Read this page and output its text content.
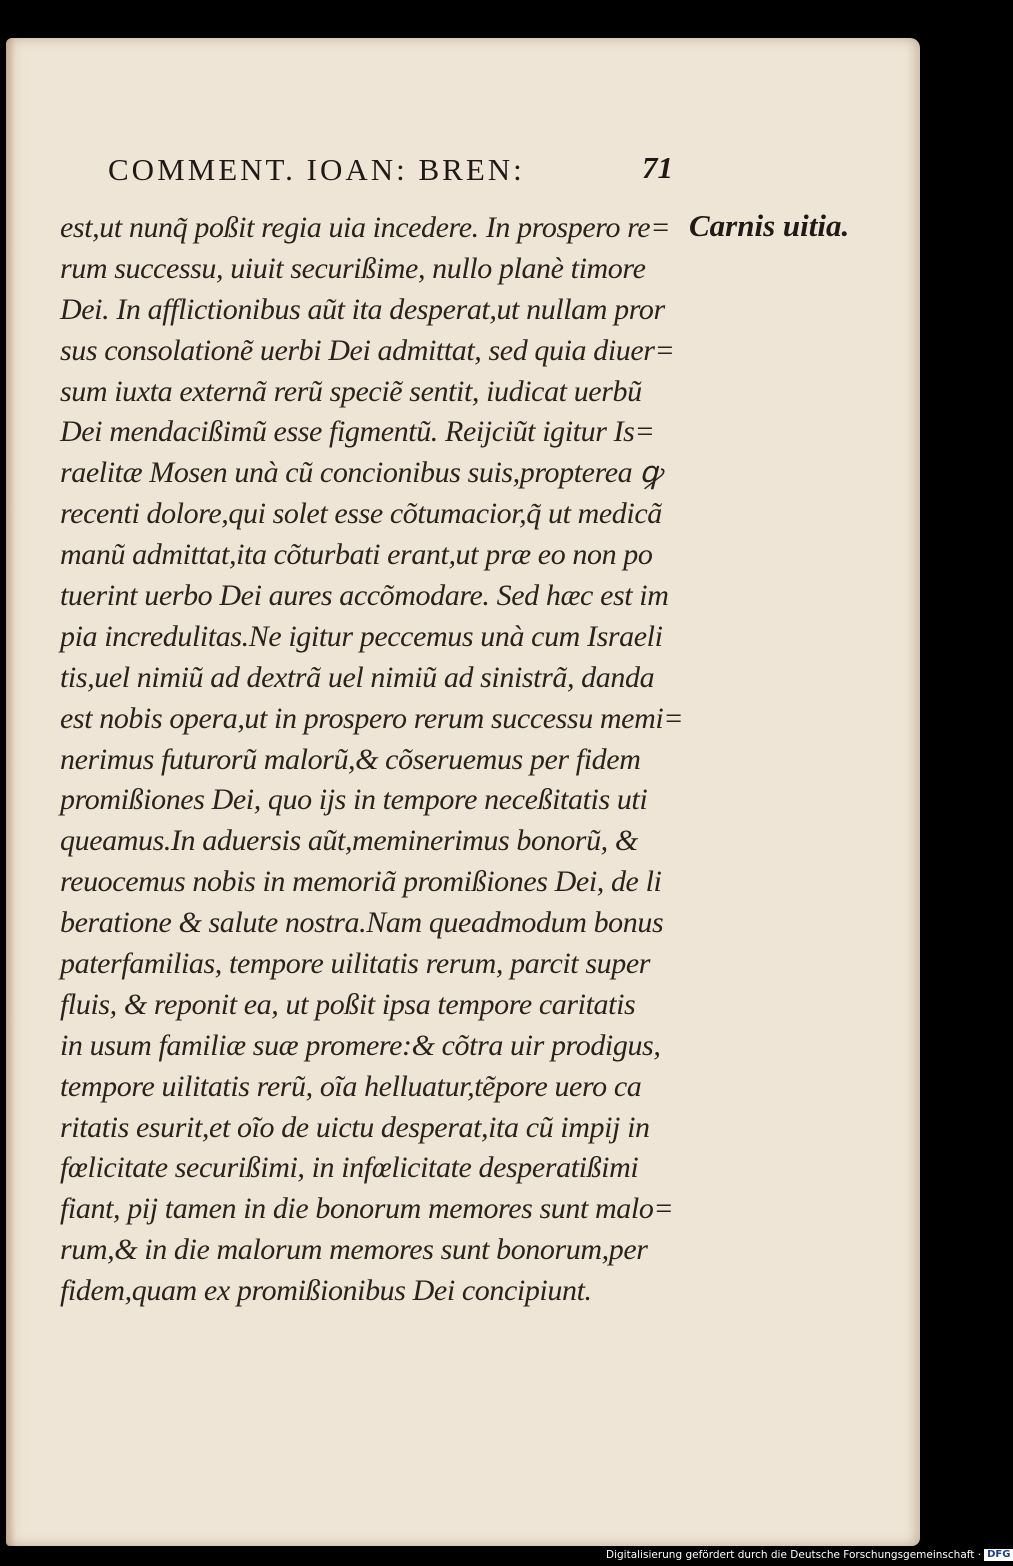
COMMENT. IOAN: BREN:	71
Carnis uitia.
est,ut nunq̃ poßit regia uia incedere. In prospero re=
rum successu, uiuit securißime, nullo planè timore
Dei. In afflictionibus aũt ita desperat,ut nullam pror
sus consolationẽ uerbi Dei admittat, sed quia diuer=
sum iuxta externã rerũ speciẽ sentit, iudicat uerbũ
Dei mendacißimũ esse figmentũ. Reijciũt igitur Is=
raelitæ Mosen unà cũ concionibus suis,propterea ꝙ
recenti dolore,qui solet esse cõtumacior,q̃ ut medicã
manũ admittat,ita cõturbati erant,ut præ eo non po
tuerint uerbo Dei aures accõmodare. Sed hæc est im
pia incredulitas.Ne igitur peccemus unà cum Israeli
tis,uel nimiũ ad dextrã uel nimiũ ad sinistrã, danda
est nobis opera,ut in prospero rerum successu memi=
nerimus futurorũ malorũ,& cõseruemus per fidem
promißiones Dei, quo ijs in tempore neceßitatis uti
queamus.In aduersis aũt,meminerimus bonorũ, &
reuocemus nobis in memoriã promißiones Dei, de li
beratione & salute nostra.Nam queadmodum bonus
paterfamilias, tempore uilitatis rerum, parcit super
fluis, & reponit ea, ut poßit ipsa tempore caritatis
in usum familiæ suæ promere:& cõtra uir prodigus,
tempore uilitatis rerũ, oĩa helluatur,tẽpore uero ca
ritatis esurit,et oĩo de uictu desperat,ita cũ impij in
fœlicitate securißimi, in infœlicitate desperatißimi
fiant, pij tamen in die bonorum memores sunt malo=
rum,& in die malorum memores sunt bonorum,per
fidem,quam ex promißionibus Dei concipiunt.
Digitalisierung gefördert durch die Deutsche Forschungsgemeinschaft · DFG
